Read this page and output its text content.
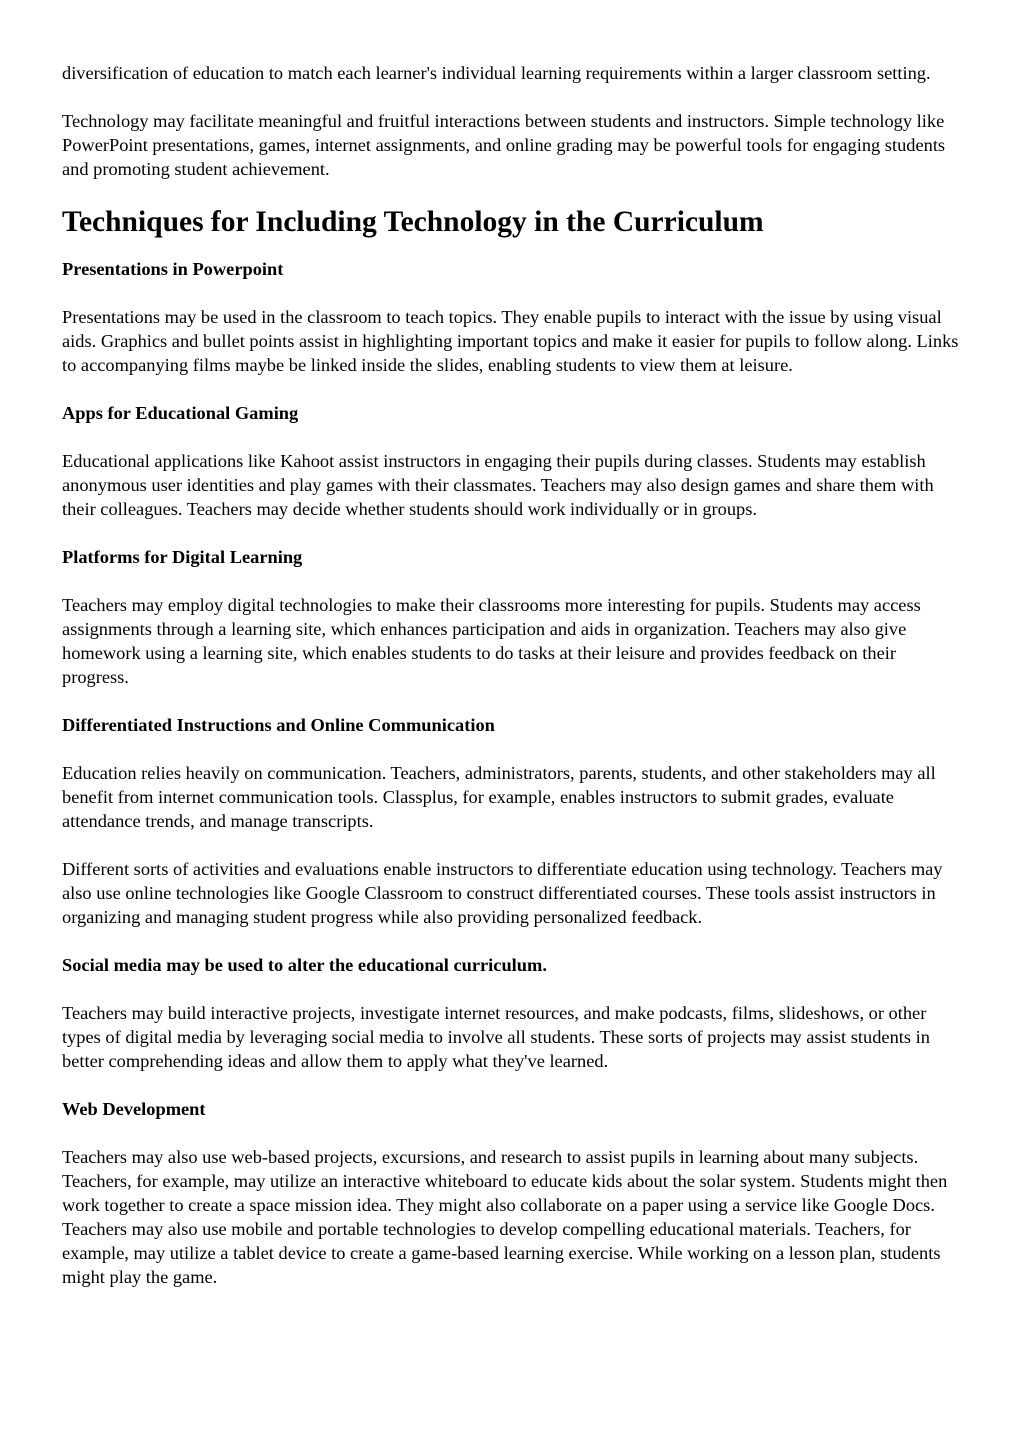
diversification of education to match each learner's individual learning requirements within a larger classroom setting.

Technology may facilitate meaningful and fruitful interactions between students and instructors. Simple technology like PowerPoint presentations, games, internet assignments, and online grading may be powerful tools for engaging students and promoting student achievement.

Techniques for Including Technology in the Curriculum
Presentations in Powerpoint

Presentations may be used in the classroom to teach topics. They enable pupils to interact with the issue by using visual aids. Graphics and bullet points assist in highlighting important topics and make it easier for pupils to follow along. Links to accompanying films maybe be linked inside the slides, enabling students to view them at leisure.

Apps for Educational Gaming

Educational applications like Kahoot assist instructors in engaging their pupils during classes. Students may establish anonymous user identities and play games with their classmates. Teachers may also design games and share them with their colleagues. Teachers may decide whether students should work individually or in groups.

Platforms for Digital Learning

Teachers may employ digital technologies to make their classrooms more interesting for pupils. Students may access assignments through a learning site, which enhances participation and aids in organization. Teachers may also give homework using a learning site, which enables students to do tasks at their leisure and provides feedback on their progress.

Differentiated Instructions and Online Communication

Education relies heavily on communication. Teachers, administrators, parents, students, and other stakeholders may all benefit from internet communication tools. Classplus, for example, enables instructors to submit grades, evaluate attendance trends, and manage transcripts.

Different sorts of activities and evaluations enable instructors to differentiate education using technology. Teachers may also use online technologies like Google Classroom to construct differentiated courses. These tools assist instructors in organizing and managing student progress while also providing personalized feedback.

Social media may be used to alter the educational curriculum.

Teachers may build interactive projects, investigate internet resources, and make podcasts, films, slideshows, or other types of digital media by leveraging social media to involve all students. These sorts of projects may assist students in better comprehending ideas and allow them to apply what they've learned.

Web Development

Teachers may also use web-based projects, excursions, and research to assist pupils in learning about many subjects. Teachers, for example, may utilize an interactive whiteboard to educate kids about the solar system. Students might then work together to create a space mission idea. They might also collaborate on a paper using a service like Google Docs. Teachers may also use mobile and portable technologies to develop compelling educational materials. Teachers, for example, may utilize a tablet device to create a game-based learning exercise. While working on a lesson plan, students might play the game.
